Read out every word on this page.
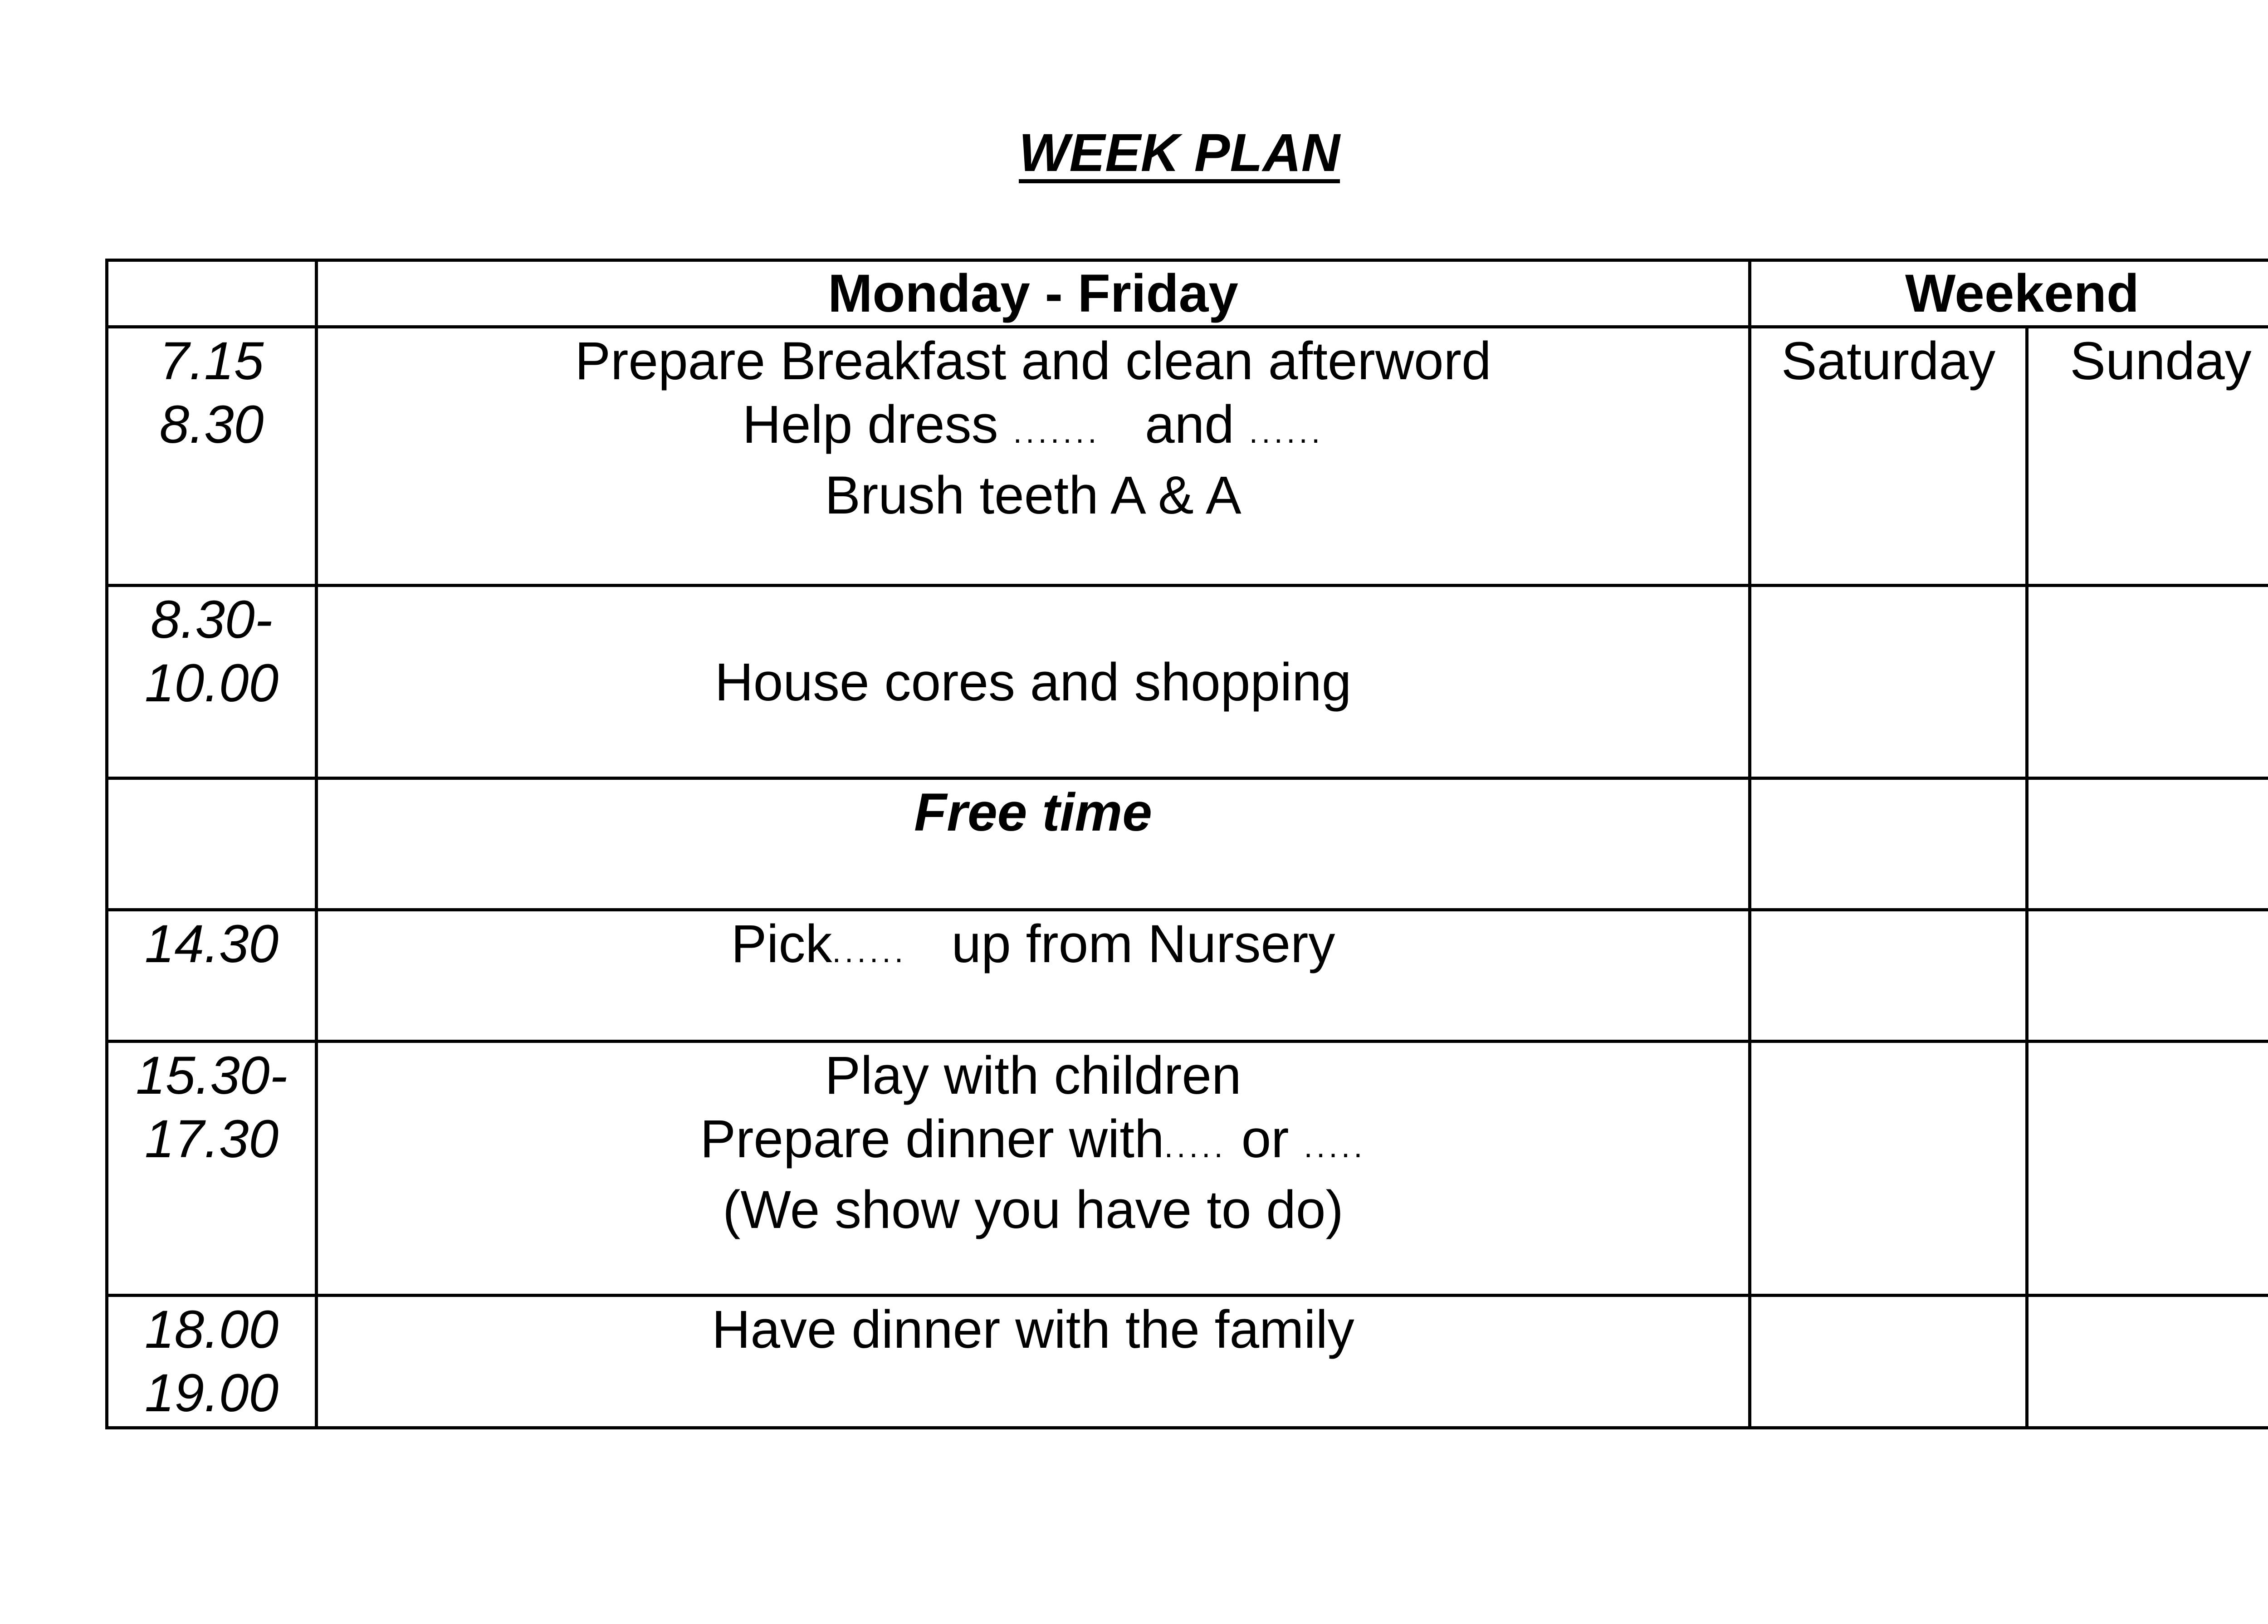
WEEK PLAN
	Monday - Friday	Weekend	

7.15
8.30	Prepare Breakfast and clean afterword
Help dress ....... and ......
Brush teeth A & A	Saturday	Sunday

8.30-
10.00	House cores and shopping		

	Free time		

14.30	Pick...... up from Nursery		

15.30-
17.30	Play with children
Prepare dinner with..... or .....
(We show you have to do)		

18.00
19.00	Have dinner with the family		
